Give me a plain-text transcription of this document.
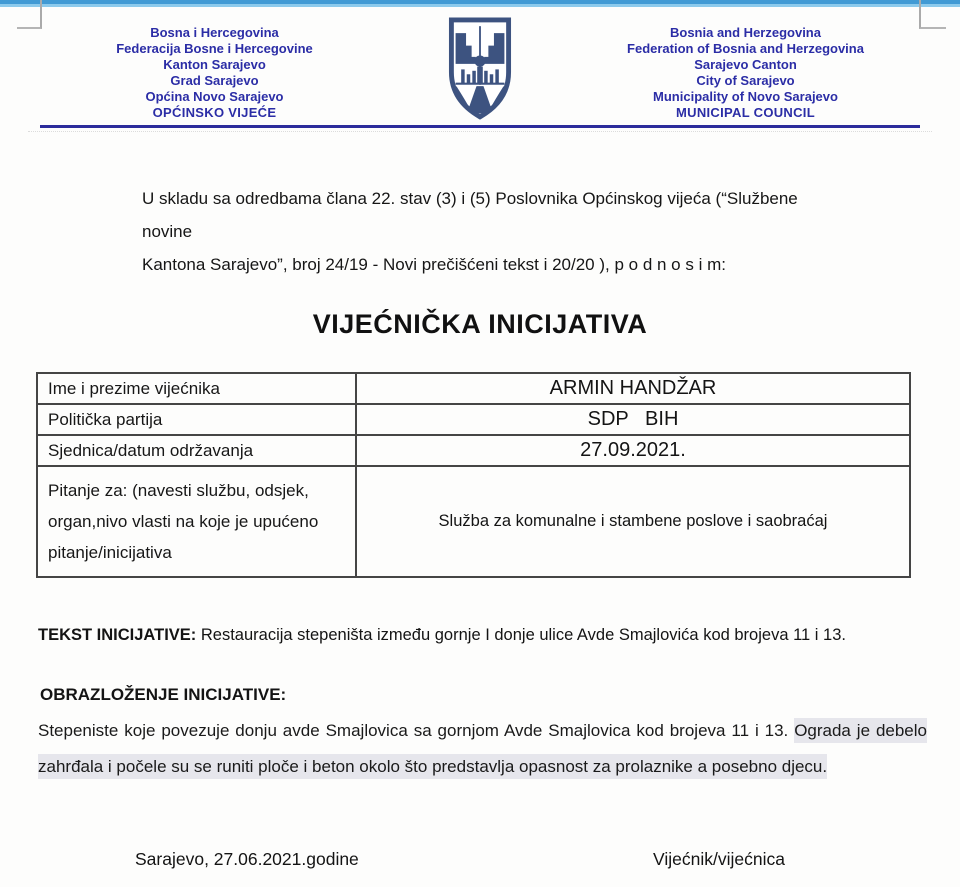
Bosna i Hercegovina
Federacija Bosne i Hercegovine
Kanton Sarajevo
Grad Sarajevo
Općina Novo Sarajevo
OPĆINSKO VIJEĆE
Bosnia and Herzegovina
Federation of Bosnia and Herzegovina
Sarajevo Canton
City of Sarajevo
Municipality of Novo Sarajevo
MUNICIPAL COUNCIL
U skladu sa odredbama člana 22. stav (3) i (5) Poslovnika Općinskog vijeća (“Službene novine
Kantona Sarajevo”, broj 24/19 - Novi prečišćeni tekst i 20/20 ), p o d n o s i m:
VIJEĆNIČKA INICIJATIVA
Ime i prezime vijećnika	ARMIN HANDŽAR
Politička partija	SDP   BIH
Sjednica/datum održavanja	27.09.2021.
Pitanje za: (navesti službu, odsjek, organ,nivo vlasti na koje je upućeno pitanje/inicijativa	Služba za komunalne i stambene poslove i saobraćaj
TEKST INICIJATIVE: Restauracija stepeništa između gornje I donje ulice Avde Smajlovića kod brojeva 11 i 13.
OBRAZLOŽENJE INICIJATIVE:
Stepeniste koje povezuje donju avde Smajlovica sa gornjom Avde Smajlovica kod brojeva 11 i 13. Ograda je debelo zahrđala i počele su se runiti ploče i beton okolo što predstavlja opasnost za prolaznike a posebno djecu.
Sarajevo, 27.06.2021.godine	Vijećnik/vijećnica
